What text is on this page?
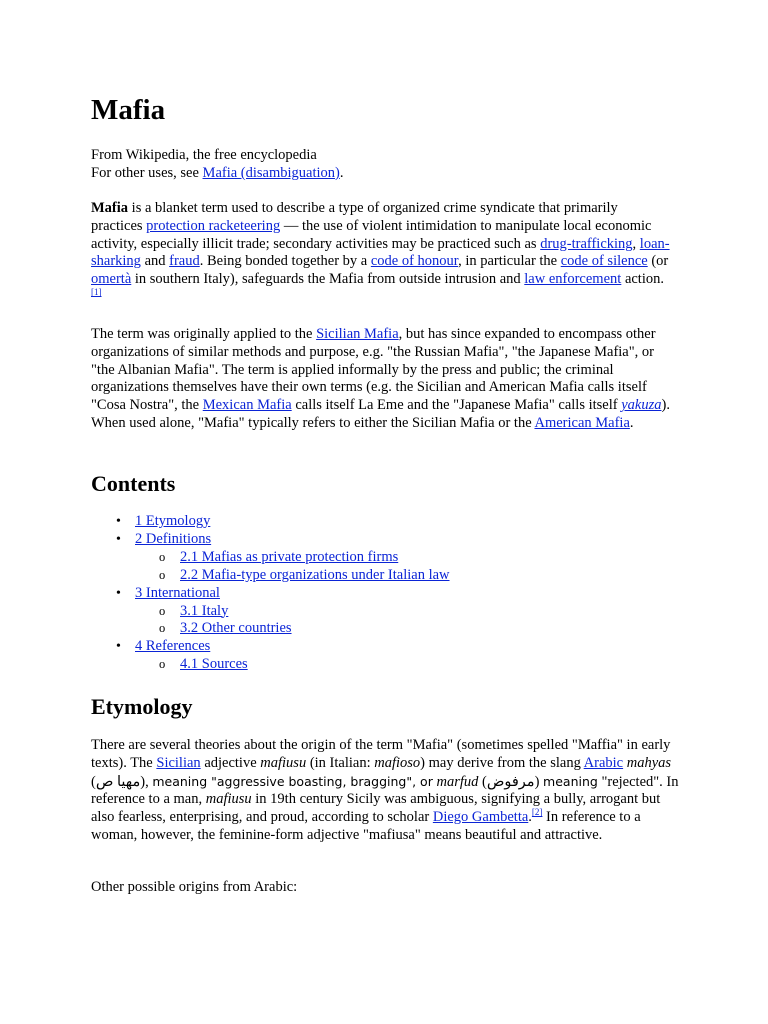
Mafia
From Wikipedia, the free encyclopedia
For other uses, see Mafia (disambiguation).

Mafia is a blanket term used to describe a type of organized crime syndicate that primarily practices protection racketeering — the use of violent intimidation to manipulate local economic activity, especially illicit trade; secondary activities may be practiced such as drug-trafficking, loan-sharking and fraud. Being bonded together by a code of honour, in particular the code of silence (or omertà in southern Italy), safeguards the Mafia from outside intrusion and law enforcement action.[1]

The term was originally applied to the Sicilian Mafia, but has since expanded to encompass other organizations of similar methods and purpose, e.g. "the Russian Mafia", "the Japanese Mafia", or "the Albanian Mafia". The term is applied informally by the press and public; the criminal organizations themselves have their own terms (e.g. the Sicilian and American Mafia calls itself "Cosa Nostra", the Mexican Mafia calls itself La Eme and the "Japanese Mafia" calls itself yakuza). When used alone, "Mafia" typically refers to either the Sicilian Mafia or the American Mafia.

Contents
• 1 Etymology
• 2 Definitions
o 2.1 Mafias as private protection firms
o 2.2 Mafia-type organizations under Italian law
• 3 International
o 3.1 Italy
o 3.2 Other countries
• 4 References
o 4.1 Sources
Etymology

There are several theories about the origin of the term "Mafia" (sometimes spelled "Maffia" in early texts). The Sicilian adjective mafiusu (in Italian: mafioso) may derive from the slang Arabic mahyas (مهيا ص), meaning "aggressive boasting, bragging", or marfud (مرفوض) meaning "rejected". In reference to a man, mafiusu in 19th century Sicily was ambiguous, signifying a bully, arrogant but also fearless, enterprising, and proud, according to scholar Diego Gambetta.[2] In reference to a woman, however, the feminine-form adjective "mafiusa" means beautiful and attractive.

Other possible origins from Arabic:
